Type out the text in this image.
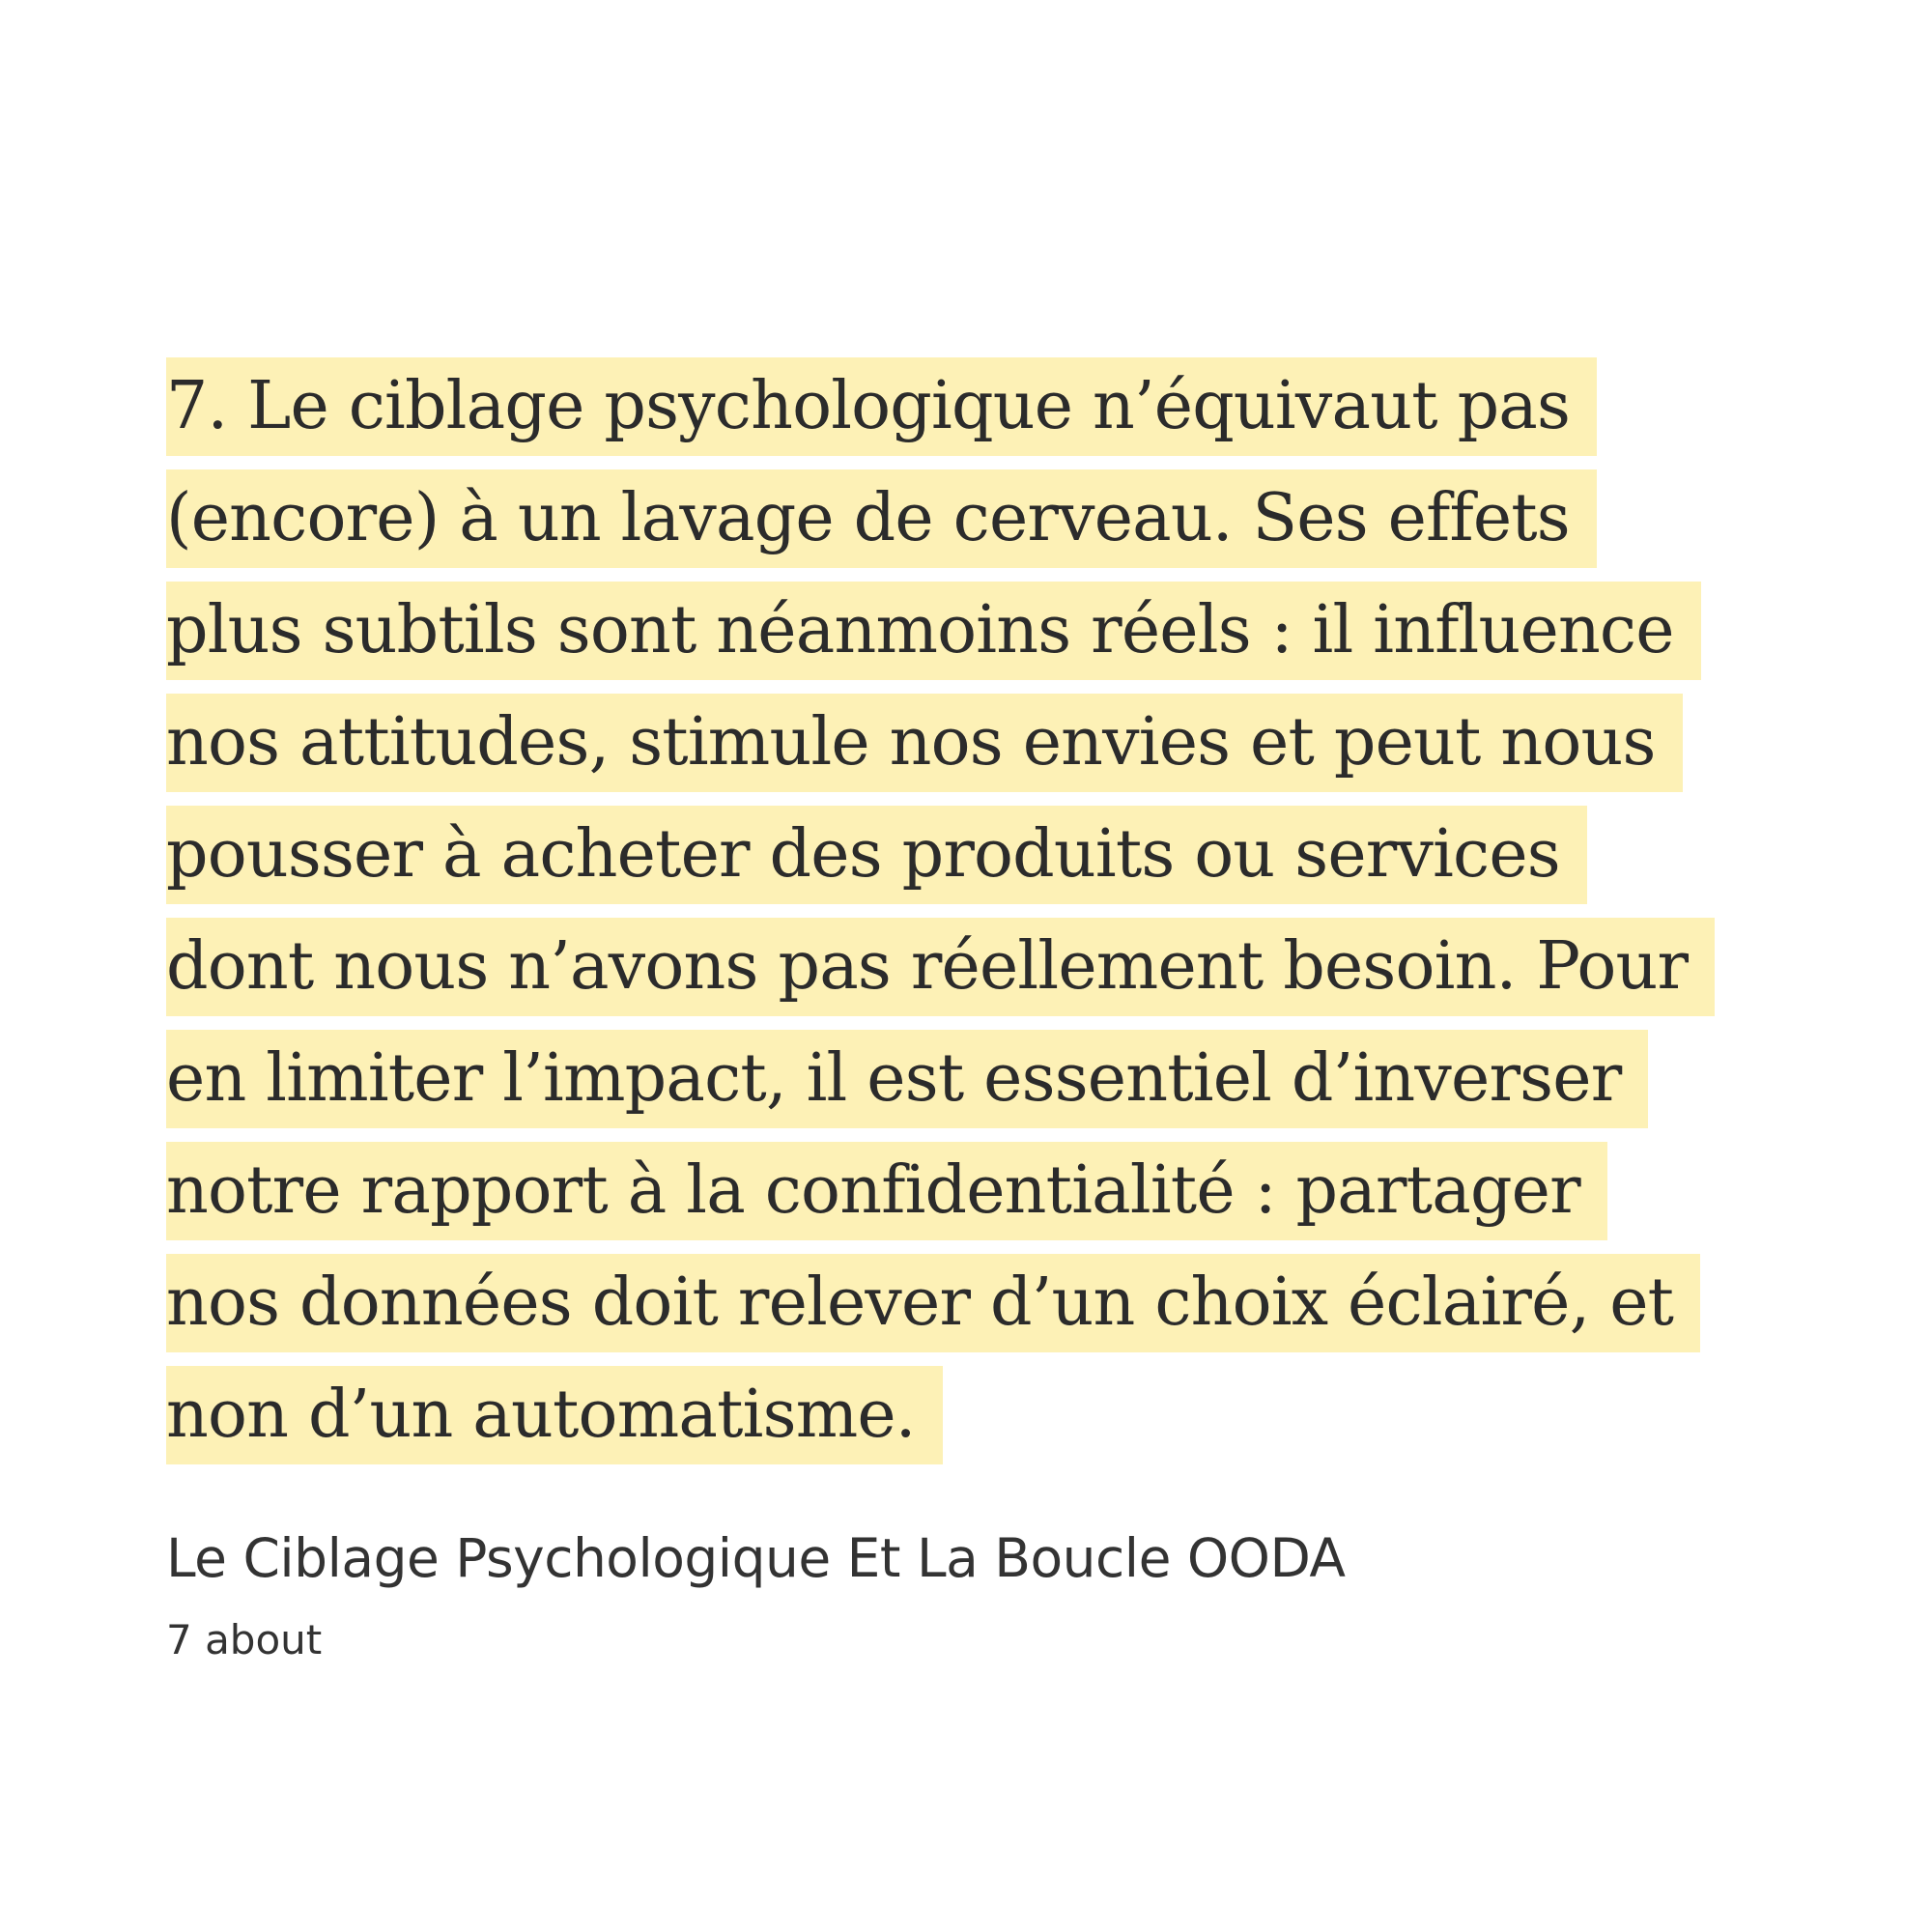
7. Le ciblage psychologique n’équivaut pas
(encore) à un lavage de cerveau. Ses effets
plus subtils sont néanmoins réels : il influence
nos attitudes, stimule nos envies et peut nous
pousser à acheter des produits ou services
dont nous n’avons pas réellement besoin. Pour
en limiter l’impact, il est essentiel d’inverser
notre rapport à la confidentialité : partager
nos données doit relever d’un choix éclairé, et
non d’un automatisme.
Le Ciblage Psychologique Et La Boucle OODA
7 about
